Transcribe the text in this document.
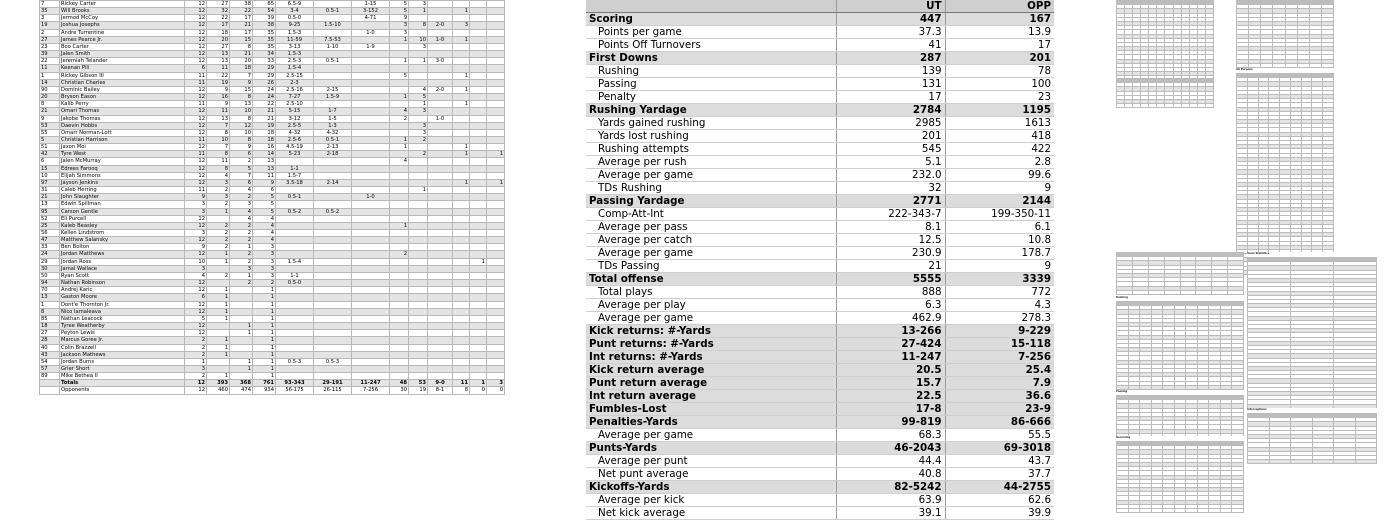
7	Rickey Carter	12	27	38	65	6.5-9		1-15	5	3				
35	Will Brooks	12	32	22	54	3-4	0.5-1	3-152	5	1		1		
3	Jermod McCoy	12	22	17	39	0.5-0		4-71	9					
19	Joshua Josephs	12	17	21	38	9-25	1.5-10		3	8	2-0	3		
2	Andre Turrentine	12	18	17	35	1.5-3		1-0	3					
27	James Pearce Jr.	12	20	15	35	11-59	7.5-53		1	10	1-0	1		
23	Boo Carter	12	27	8	35	3-13	1-10	1-9		3				
39	Jalen Smith	12	13	21	34	1.5-3								
22	Jeremiah Telander	12	13	20	33	2.5-3	0.5-1		1	1	3-0			
11	Keenan Pili	6	11	18	29	1.5-4								
1	Rickey Gibson III	11	22	7	29	2.5-15			5			1		
14	Christian Charles	11	19	9	26	2-3								
90	Dominic Bailey	12	9	15	24	2.5-16	2-15			4	2-0	1		
20	Bryson Eason	12	16	8	24	7-27	1.5-9		1	5				
8	Kalib Perry	11	9	13	22	2.5-10				1		1		
21	Omari Thomas	12	11	10	21	5-15	1-7		4	3				
9	Jakobe Thomas	12	13	8	21	3-12	1-5		2		1-0			
53	Daevin Hobbs	12	7	12	19	2.5-5	1-3			3				
55	Omarr Norman-Lott	12	8	10	18	4-32	4-32			3				
5	Christian Harrison	11	10	8	18	2.5-6	0.5-1		1	2				
51	Jaxon Moi	12	7	9	16	4.5-19	2-13		1			1		
42	Tyre West	11	8	6	14	5-23	2-18			2		1		1
6	Jalen McMurray	12	11	2	13				4					
15	Edrees Farooq	12	8	5	13	1-1								
10	Elijah Simmons	12	4	7	11	1.5-7								
97	Jayson Jenkins	12	3	6	9	3.5-18	2-14					1		1
31	Caleb Herring	11	2	4	6					1				
21	John Slaughter	9	3	2	5	0.5-1		1-0						
13	Edwin Spillman	3	2	3	5									
95	Carson Gentle	3	1	4	5	0.5-2	0.5-2							
52	Eli Purcell	12		4	4									
25	Kaleb Beasley	12	2	2	4				1					
56	Kellen Lindstrom	3	2	2	4									
47	Matthew Salansky	12	2	2	4									
33	Ben Bolton	9	2	1	3									
24	Jordan Matthews	12	1	2	3				2					
29	Jordan Ross	10	1	2	3	1.5-4							1	
30	Jamal Wallace	3		3	3									
50	Ryan Scott	4	2	1	3	1-1								
94	Nathan Robinson	12		2	2	0.5-0								
70	Andrej Karic	12	1		1									
13	Gaston Moore	6	1		1									
1	Dont'e Thornton Jr.	12	1		1									
8	Nico Iamaleava	12	1		1									
85	Nathan Leacock	5	1		1									
18	Tyree Weatherby	12		1	1									
27	Peyton Lewis	12		1	1									
28	Marcus Goree Jr.	2	1		1									
40	Colin Brazzell	2	1		1									
43	Jackson Mathews	2	1		1									
54	Jordan Burns	1		1	1	0.5-3	0.5-3							
57	Grier Short	3		1	1									
89	Mike Bethea II	2	1		1									
	Totals	12	393	368	761	93-343	29-191	11-247	48	53	9-0	11	1	3
	Opponents	12	460	474	934	56-175	26-115	7-256	30	19	8-1	8	0	0
	UT	OPP
Scoring	447	167
Points per game	37.3	13.9
Points Off Turnovers	41	17
First Downs	287	201
Rushing	139	78
Passing	131	100
Penalty	17	23
Rushing Yardage	2784	1195
Yards gained rushing	2985	1613
Yards lost rushing	201	418
Rushing attempts	545	422
Average per rush	5.1	2.8
Average per game	232.0	99.6
TDs Rushing	32	9
Passing Yardage	2771	2144
Comp-Att-Int	222-343-7	199-350-11
Average per pass	8.1	6.1
Average per catch	12.5	10.8
Average per game	230.9	178.7
TDs Passing	21	9
Total offense	5555	3339
Total plays	888	772
Average per play	6.3	4.3
Average per game	462.9	278.3
Kick returns: #-Yards	13-266	9-229
Punt returns: #-Yards	27-424	15-118
Int returns: #-Yards	11-247	7-256
Kick return average	20.5	25.4
Punt return average	15.7	7.9
Int return average	22.5	36.6
Fumbles-Lost	17-8	23-9
Penalties-Yards	99-819	86-666
Average per game	68.3	55.5
Punts-Yards	46-2043	69-3018
Average per punt	44.4	43.7
Net punt average	40.8	37.7
Kickoffs-Yards	82-5242	44-2755
Average per kick	63.9	62.6
Net kick average	39.1	39.9

All Purpose

Team Statistics

Rushing

Passing

Interceptions

Receiving
